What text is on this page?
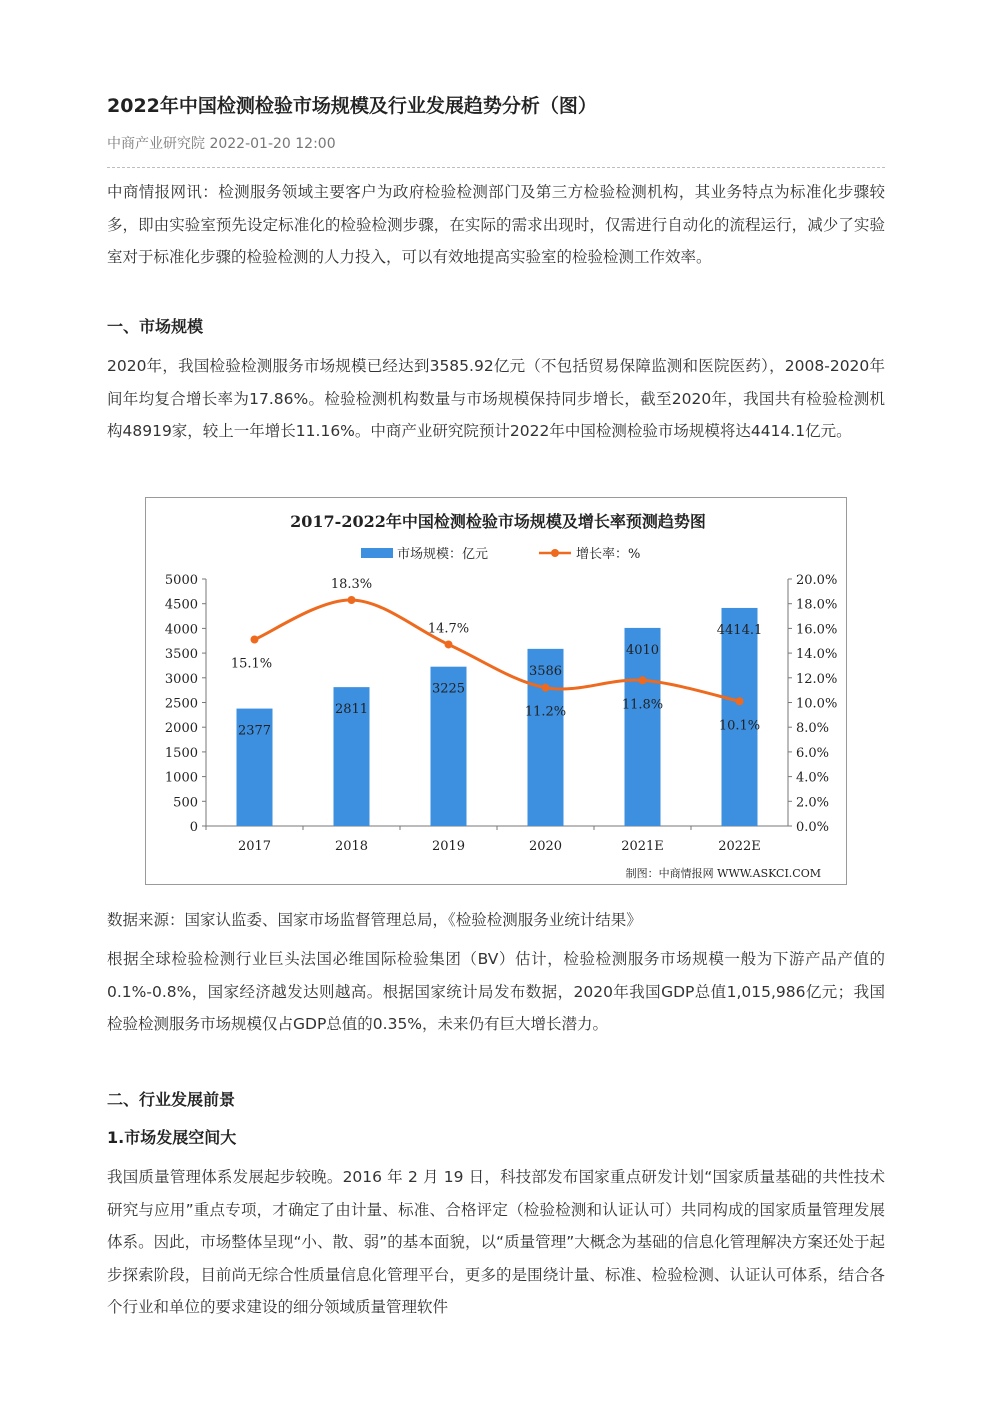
2022年中国检测检验市场规模及行业发展趋势分析（图）
中商产业研究院 2022-01-20 12:00

中商情报网讯：检测服务领域主要客户为政府检验检测部门及第三方检验检测机构，其业务特点为标准化步骤较多，即由实验室预先设定标准化的检验检测步骤，在实际的需求出现时，仅需进行自动化的流程运行，减少了实验室对于标准化步骤的检验检测的人力投入，可以有效地提高实验室的检验检测工作效率。

一、市场规模

2020年，我国检验检测服务市场规模已经达到3585.92亿元（不包括贸易保障监测和医院医药），2008-2020年间年均复合增长率为17.86%。检验检测机构数量与市场规模保持同步增长，截至2020年，我国共有检验检测机构48919家，较上一年增长11.16%。中商产业研究院预计2022年中国检测检验市场规模将达4414.1亿元。

2017-2022年中国检测检验市场规模及增长率预测趋势图
市场规模：亿元	增长率：%
0
500
1000
1500
2000
2500
3000
3500
4000
4500
5000
0.0%
2.0%
4.0%
6.0%
8.0%
10.0%
12.0%
14.0%
16.0%
18.0%
20.0%
2017	2018	2019	2020	2021E	2022E
2377
2811
3225
3586
4010
4414.1
15.1%
18.3%
14.7%
11.2%	11.8%
10.1%
制图：中商情报网 WWW.ASKCI.COM
数据来源：国家认监委、国家市场监督管理总局，《检验检测服务业统计结果》

根据全球检验检测行业巨头法国必维国际检验集团（BV）估计，检验检测服务市场规模一般为下游产品产值的0.1%-0.8%，国家经济越发达则越高。根据国家统计局发布数据，2020年我国GDP总值1,015,986亿元；我国检验检测服务市场规模仅占GDP总值的0.35%，未来仍有巨大增长潜力。

二、行业发展前景
1.市场发展空间大

我国质量管理体系发展起步较晚。2016 年 2 月 19 日，科技部发布国家重点研发计划“国家质量基础的共性技术研究与应用”重点专项，才确定了由计量、标准、合格评定（检验检测和认证认可）共同构成的国家质量管理发展体系。因此，市场整体呈现“小、散、弱”的基本面貌，以“质量管理”大概念为基础的信息化管理解决方案还处于起步探索阶段，目前尚无综合性质量信息化管理平台，更多的是围绕计量、标准、检验检测、认证认可体系，结合各个行业和单位的要求建设的细分领域质量管理软件
